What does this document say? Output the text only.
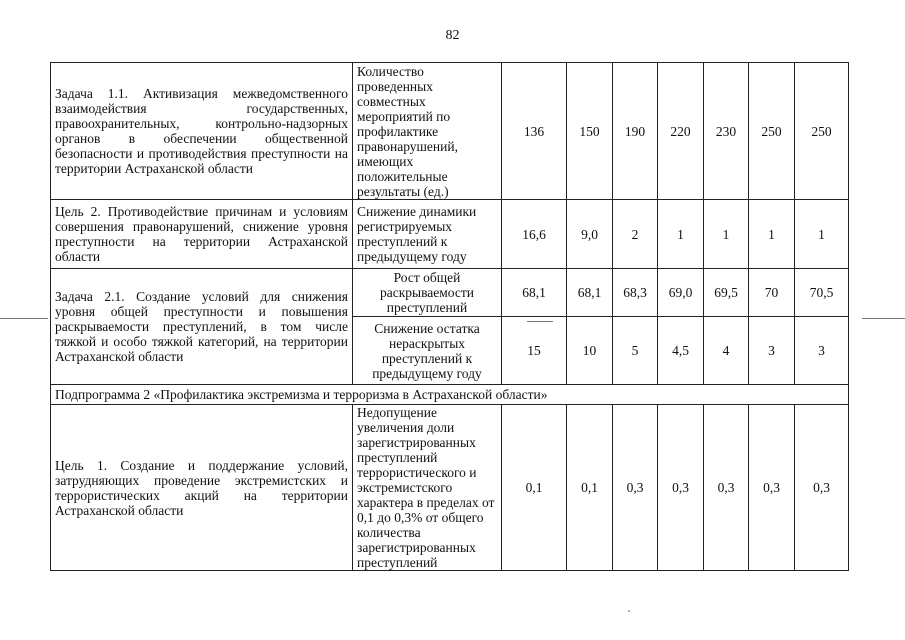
82
Задача 1.1. Активизация межведомственного взаимодействия государственных, правоохранительных, контрольно-надзорных органов в обеспечении общественной безопасности и противодействия преступности на территории Астраханской области	Количество проведенных совместных мероприятий по профилактике правонарушений, имеющих положительные результаты (ед.)	136	150	190	220	230	250	250
Цель 2. Противодействие причинам и условиям совершения правонарушений, снижение уровня преступности на территории Астраханской области	Снижение динамики регистрируемых преступлений к предыдущему году	16,6	9,0	2	1	1	1	1
Задача 2.1. Создание условий для снижения уровня общей преступности и повышения раскрываемости преступлений, в том числе тяжкой и особо тяжкой категорий, на территории Астраханской области	Рост общей раскрываемости преступлений	68,1	68,1	68,3	69,0	69,5	70	70,5
	Снижение остатка нераскрытых преступлений к предыдущему году	15	10	5	4,5	4	3	3
Подпрограмма 2 «Профилактика экстремизма и терроризма в Астраханской области»								
Цель 1. Создание и поддержание условий, затрудняющих проведение экстремистских и террористических акций на территории Астраханской области	Недопущение увеличения доли зарегистрированных преступлений террористического и экстремистского характера в пределах от 0,1 до 0,3% от общего количества зарегистрированных преступлений	0,1	0,1	0,3	0,3	0,3	0,3	0,3
